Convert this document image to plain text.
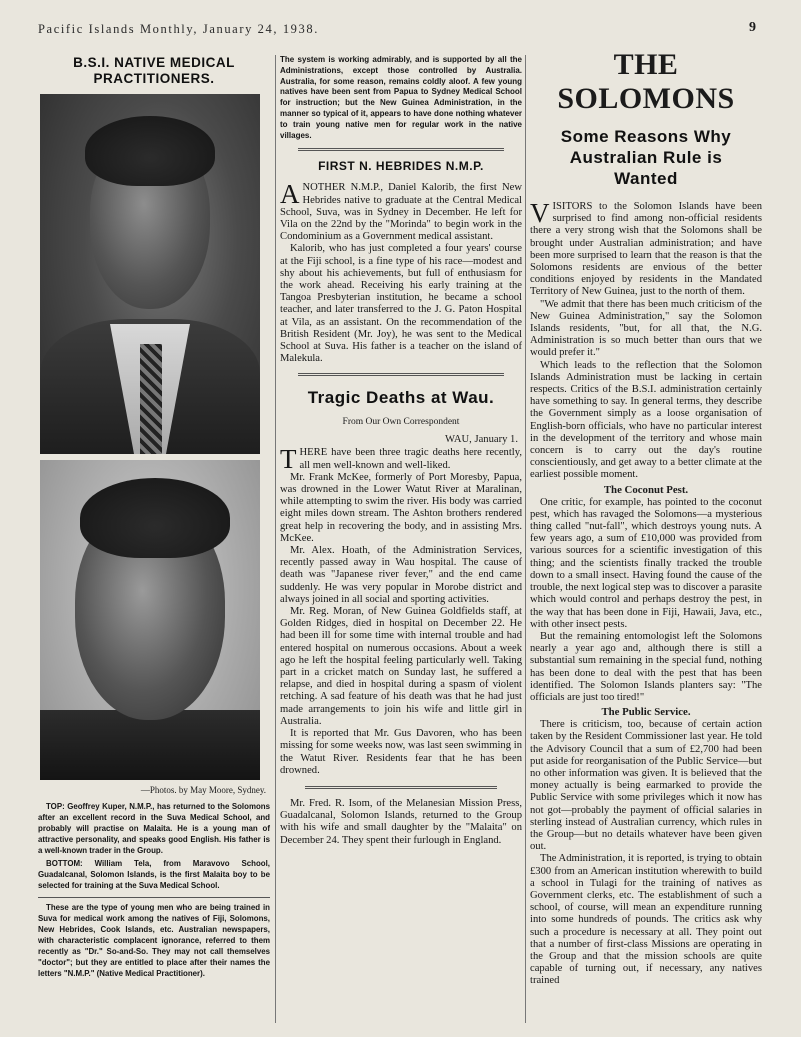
Pacific Islands Monthly, January 24, 1938.	9
B.S.I. NATIVE MEDICAL PRACTITIONERS.
—Photos. by May Moore, Sydney.
TOP: Geoffrey Kuper, N.M.P., has returned to the Solomons after an excellent record in the Suva Medical School, and probably will practise on Malaita. He is a young man of attractive personality, and speaks good English. His father is a well-known trader in the Group.
BOTTOM: William Tela, from Maravovo School, Guadalcanal, Solomon Islands, is the first Malaita boy to be selected for training at the Suva Medical School.
These are the type of young men who are being trained in Suva for medical work among the natives of Fiji, Solomons, New Hebrides, Cook Islands, etc. Australian newspapers, with characteristic complacent ignorance, referred to them recently as "Dr." So-and-So. They may not call themselves "doctor"; but they are entitled to place after their names the letters "N.M.P." (Native Medical Practitioner).
The system is working admirably, and is supported by all the Administrations, except those controlled by Australia. Australia, for some reason, remains coldly aloof. A few young natives have been sent from Papua to Sydney Medical School for instruction; but the New Guinea Administration, in the manner so typical of it, appears to have done nothing whatever to train young native men for regular work in the native villages.
FIRST N. HEBRIDES N.M.P.

ANOTHER N.M.P., Daniel Kalorib, the first New Hebrides native to graduate at the Central Medical School, Suva, was in Sydney in December. He left for Vila on the 22nd by the "Morinda" to begin work in the Condominium as a Government medical assistant.

Kalorib, who has just completed a four years' course at the Fiji school, is a fine type of his race—modest and shy about his achievements, but full of enthusiasm for the work ahead. Receiving his early training at the Tangoa Presbyterian institution, he became a school teacher, and later transferred to the J. G. Paton Hospital at Vila, as an assistant. On the recommendation of the British Resident (Mr. Joy), he was sent to the Medical School at Suva. His father is a teacher on the island of Malekula.

Tragic Deaths at Wau.
From Our Own Correspondent
WAU, January 1.

THERE have been three tragic deaths here recently, all men well-known and well-liked.

Mr. Frank McKee, formerly of Port Moresby, Papua, was drowned in the Lower Watut River at Maralinan, while attempting to swim the river. His body was carried eight miles down stream. The Ashton brothers rendered great help in recovering the body, and in assisting Mrs. McKee.

Mr. Alex. Hoath, of the Administration Services, recently passed away in Wau hospital. The cause of death was "Japanese river fever," and the end came suddenly. He was very popular in Morobe district and always joined in all social and sporting activities.

Mr. Reg. Moran, of New Guinea Goldfields staff, at Golden Ridges, died in hospital on December 22. He had been ill for some time with internal trouble and had entered hospital on numerous occasions. About a week ago he left the hospital feeling particularly well. Taking part in a cricket match on Sunday last, he suffered a relapse, and died in hospital during a spasm of violent retching. A sad feature of his death was that he had just made arrangements to join his wife and little girl in Australia.

It is reported that Mr. Gus Davoren, who has been missing for some weeks now, was last seen swimming in the Watut River. Residents fear that he has been drowned.

Mr. Fred. R. Isom, of the Melanesian Mission Press, Guadalcanal, Solomon Islands, returned to the Group with his wife and small daughter by the "Malaita" on December 24. They spent their furlough in England.

THE SOLOMONS
Some Reasons Why Australian Rule is Wanted

VISITORS to the Solomon Islands have been surprised to find among non-official residents there a very strong wish that the Solomons shall be brought under Australian administration; and have been more surprised to learn that the reason is that the Solomons residents are envious of the better conditions enjoyed by residents in the Mandated Territory of New Guinea, just to the north of them.

"We admit that there has been much criticism of the New Guinea Administration," say the Solomon Islands residents, "but, for all that, the N.G. Administration is so much better than ours that we would prefer it."

Which leads to the reflection that the Solomon Islands Administration must be lacking in certain respects. Critics of the B.S.I. administration certainly have something to say. In general terms, they describe the Government simply as a loose organisation of English-born officials, who have no particular interest in the development of the territory and whose main concern is to carry out the day's routine conscientiously, and get away to a better climate at the earliest possible moment.

The Coconut Pest.

One critic, for example, has pointed to the coconut pest, which has ravaged the Solomons—a mysterious thing called "nut-fall", which destroys young nuts. A few years ago, a sum of £10,000 was provided from various sources for a scientific investigation of this thing; and the scientists finally tracked the trouble down to a small insect. Having found the cause of the trouble, the next logical step was to discover a parasite which would control and perhaps destroy the pest, in the way that has been done in Fiji, Hawaii, Java, etc., with other insect pests.

But the remaining entomologist left the Solomons nearly a year ago and, although there is still a substantial sum remaining in the special fund, nothing has been done to deal with the pest that has been identified. The Solomon Islands planters say: "The officials are just too tired!"

The Public Service.

There is criticism, too, because of certain action taken by the Resident Commissioner last year. He told the Advisory Council that a sum of £2,700 had been put aside for reorganisation of the Public Service—but no other information was given. It is believed that the money actually is being earmarked to provide the Public Service with some privileges which it now has not got—probably the payment of official salaries in sterling instead of Australian currency, which rules in the Group—but no details whatever have been given out.

The Administration, it is reported, is trying to obtain £300 from an American institution wherewith to build a school in Tulagi for the training of natives as Government clerks, etc. The establishment of such a school, of course, will mean an expenditure running into some hundreds of pounds. The critics ask why such a procedure is necessary at all. They point out that a number of first-class Missions are operating in the Group and that the mission schools are quite capable of turning out, if necessary, any natives trained
